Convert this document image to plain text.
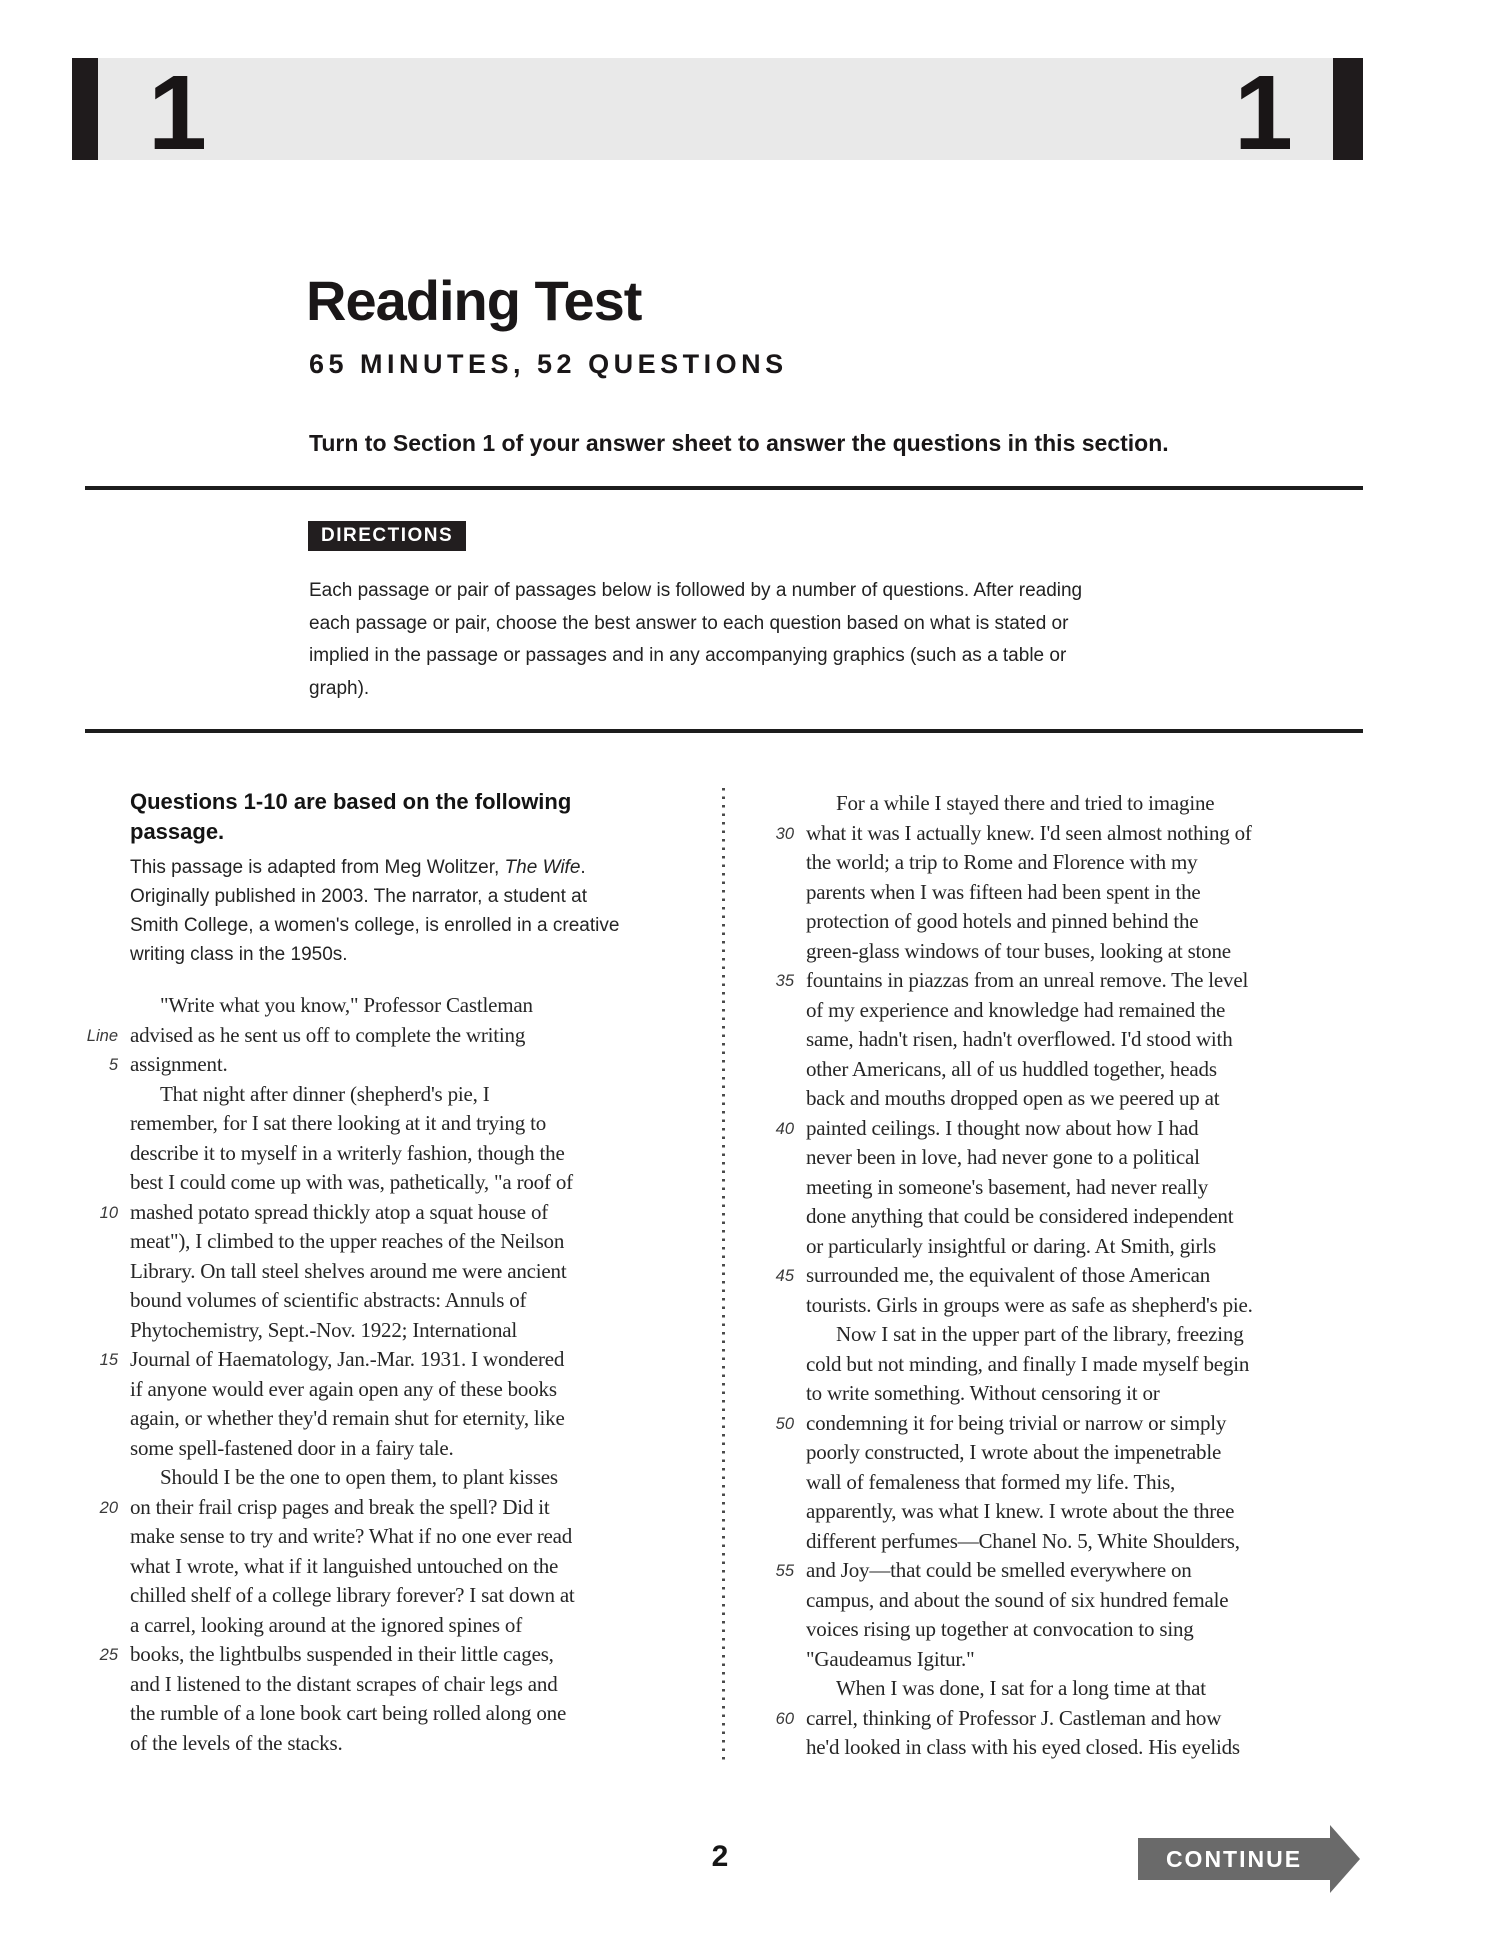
1	1
Reading Test
65 MINUTES, 52 QUESTIONS
Turn to Section 1 of your answer sheet to answer the questions in this section.
DIRECTIONS
Each passage or pair of passages below is followed by a number of questions. After reading
each passage or pair, choose the best answer to each question based on what is stated or
implied in the passage or passages and in any accompanying graphics (such as a table or
graph).
Questions 1-10 are based on the following
passage.
This passage is adapted from Meg Wolitzer, The Wife.
Originally published in 2003. The narrator, a student at
Smith College, a women's college, is enrolled in a creative
writing class in the 1950s.
"Write what you know," Professor Castleman
Line advised as he sent us off to complete the writing
5 assignment.
That night after dinner (shepherd's pie, I
remember, for I sat there looking at it and trying to
describe it to myself in a writerly fashion, though the
best I could come up with was, pathetically, "a roof of
10 mashed potato spread thickly atop a squat house of
meat"), I climbed to the upper reaches of the Neilson
Library. On tall steel shelves around me were ancient
bound volumes of scientific abstracts: Annuls of
Phytochemistry, Sept.-Nov. 1922; International
15 Journal of Haematology, Jan.-Mar. 1931. I wondered
if anyone would ever again open any of these books
again, or whether they'd remain shut for eternity, like
some spell-fastened door in a fairy tale.
Should I be the one to open them, to plant kisses
20 on their frail crisp pages and break the spell? Did it
make sense to try and write? What if no one ever read
what I wrote, what if it languished untouched on the
chilled shelf of a college library forever? I sat down at
a carrel, looking around at the ignored spines of
25 books, the lightbulbs suspended in their little cages,
and I listened to the distant scrapes of chair legs and
the rumble of a lone book cart being rolled along one
of the levels of the stacks.
For a while I stayed there and tried to imagine
30 what it was I actually knew. I'd seen almost nothing of
the world; a trip to Rome and Florence with my
parents when I was fifteen had been spent in the
protection of good hotels and pinned behind the
green-glass windows of tour buses, looking at stone
35 fountains in piazzas from an unreal remove. The level
of my experience and knowledge had remained the
same, hadn't risen, hadn't overflowed. I'd stood with
other Americans, all of us huddled together, heads
back and mouths dropped open as we peered up at
40 painted ceilings. I thought now about how I had
never been in love, had never gone to a political
meeting in someone's basement, had never really
done anything that could be considered independent
or particularly insightful or daring. At Smith, girls
45 surrounded me, the equivalent of those American
tourists. Girls in groups were as safe as shepherd's pie.
Now I sat in the upper part of the library, freezing
cold but not minding, and finally I made myself begin
to write something. Without censoring it or
50 condemning it for being trivial or narrow or simply
poorly constructed, I wrote about the impenetrable
wall of femaleness that formed my life. This,
apparently, was what I knew. I wrote about the three
different perfumes—Chanel No. 5, White Shoulders,
55 and Joy—that could be smelled everywhere on
campus, and about the sound of six hundred female
voices rising up together at convocation to sing
"Gaudeamus Igitur."
When I was done, I sat for a long time at that
60 carrel, thinking of Professor J. Castleman and how
he'd looked in class with his eyed closed. His eyelids
2	CONTINUE
